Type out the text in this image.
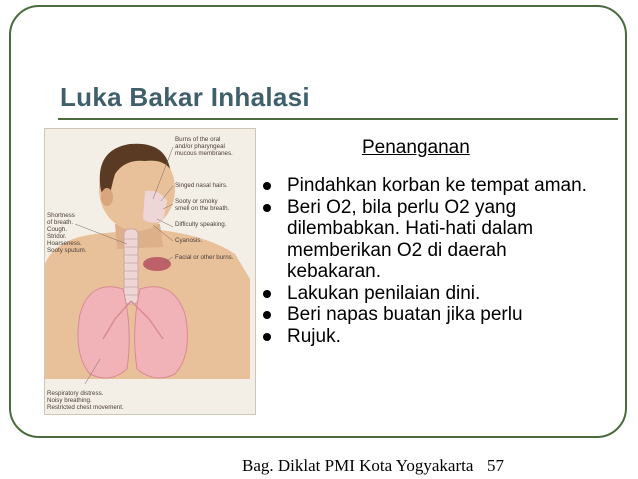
Luka Bakar Inhalasi
Burns of the oral and/or pharyngeal mucous membranes.
Singed nasal hairs.
Sooty or smoky smell on the breath.
Difficulty speaking.
Cyanosis.
Facial or other burns.
Shortness of breath. Cough. Stridor. Hoarseness. Sooty sputum.
Respiratory distress. Noisy breathing. Restricted chest movement.
Penanganan
Pindahkan korban ke tempat aman.
Beri O2, bila perlu O2 yang dilembabkan. Hati-hati dalam memberikan O2 di daerah kebakaran.
Lakukan penilaian dini.
Beri napas buatan jika perlu
Rujuk.
Bag. Diklat PMI Kota Yogyakarta 57
